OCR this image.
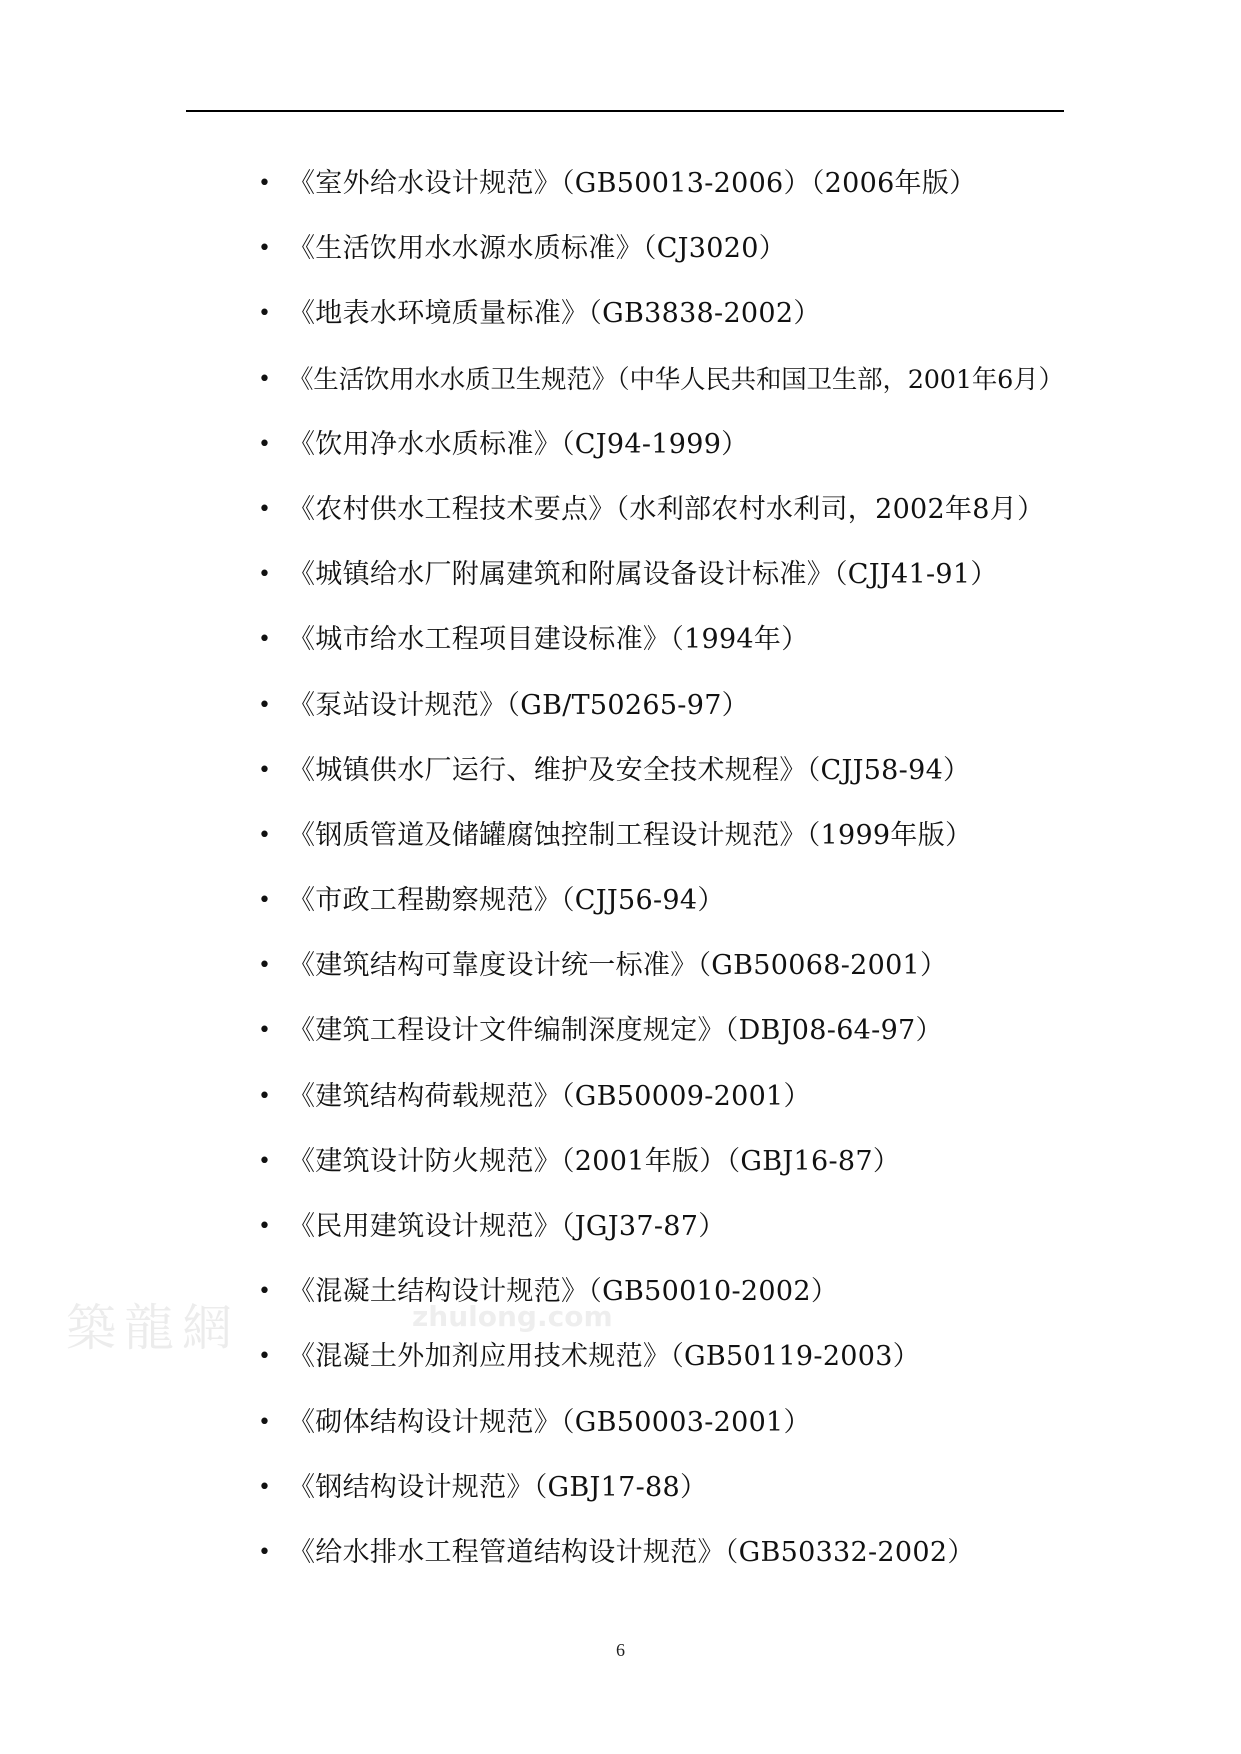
• 《室外给水设计规范》（GB50013-2006）（2006年版）
• 《生活饮用水水源水质标准》（CJ3020）
• 《地表水环境质量标准》（GB3838-2002）
• 《生活饮用水水质卫生规范》（中华人民共和国卫生部，2001年6月）
• 《饮用净水水质标准》（CJ94-1999）
• 《农村供水工程技术要点》（水利部农村水利司，2002年8月）
• 《城镇给水厂附属建筑和附属设备设计标准》（CJJ41-91）
• 《城市给水工程项目建设标准》（1994年）
• 《泵站设计规范》（GB/T50265-97）
• 《城镇供水厂运行、维护及安全技术规程》（CJJ58-94）
• 《钢质管道及储罐腐蚀控制工程设计规范》（1999年版）
• 《市政工程勘察规范》（CJJ56-94）
• 《建筑结构可靠度设计统一标准》（GB50068-2001）
• 《建筑工程设计文件编制深度规定》（DBJ08-64-97）
• 《建筑结构荷载规范》（GB50009-2001）
• 《建筑设计防火规范》（2001年版）（GBJ16-87）
• 《民用建筑设计规范》（JGJ37-87）
• 《混凝土结构设计规范》（GB50010-2002）
• 《混凝土外加剂应用技术规范》（GB50119-2003）
• 《砌体结构设计规范》（GB50003-2001）
• 《钢结构设计规范》（GBJ17-88）
• 《给水排水工程管道结构设计规范》（GB50332-2002）
築龍網	zhulong.com
6
